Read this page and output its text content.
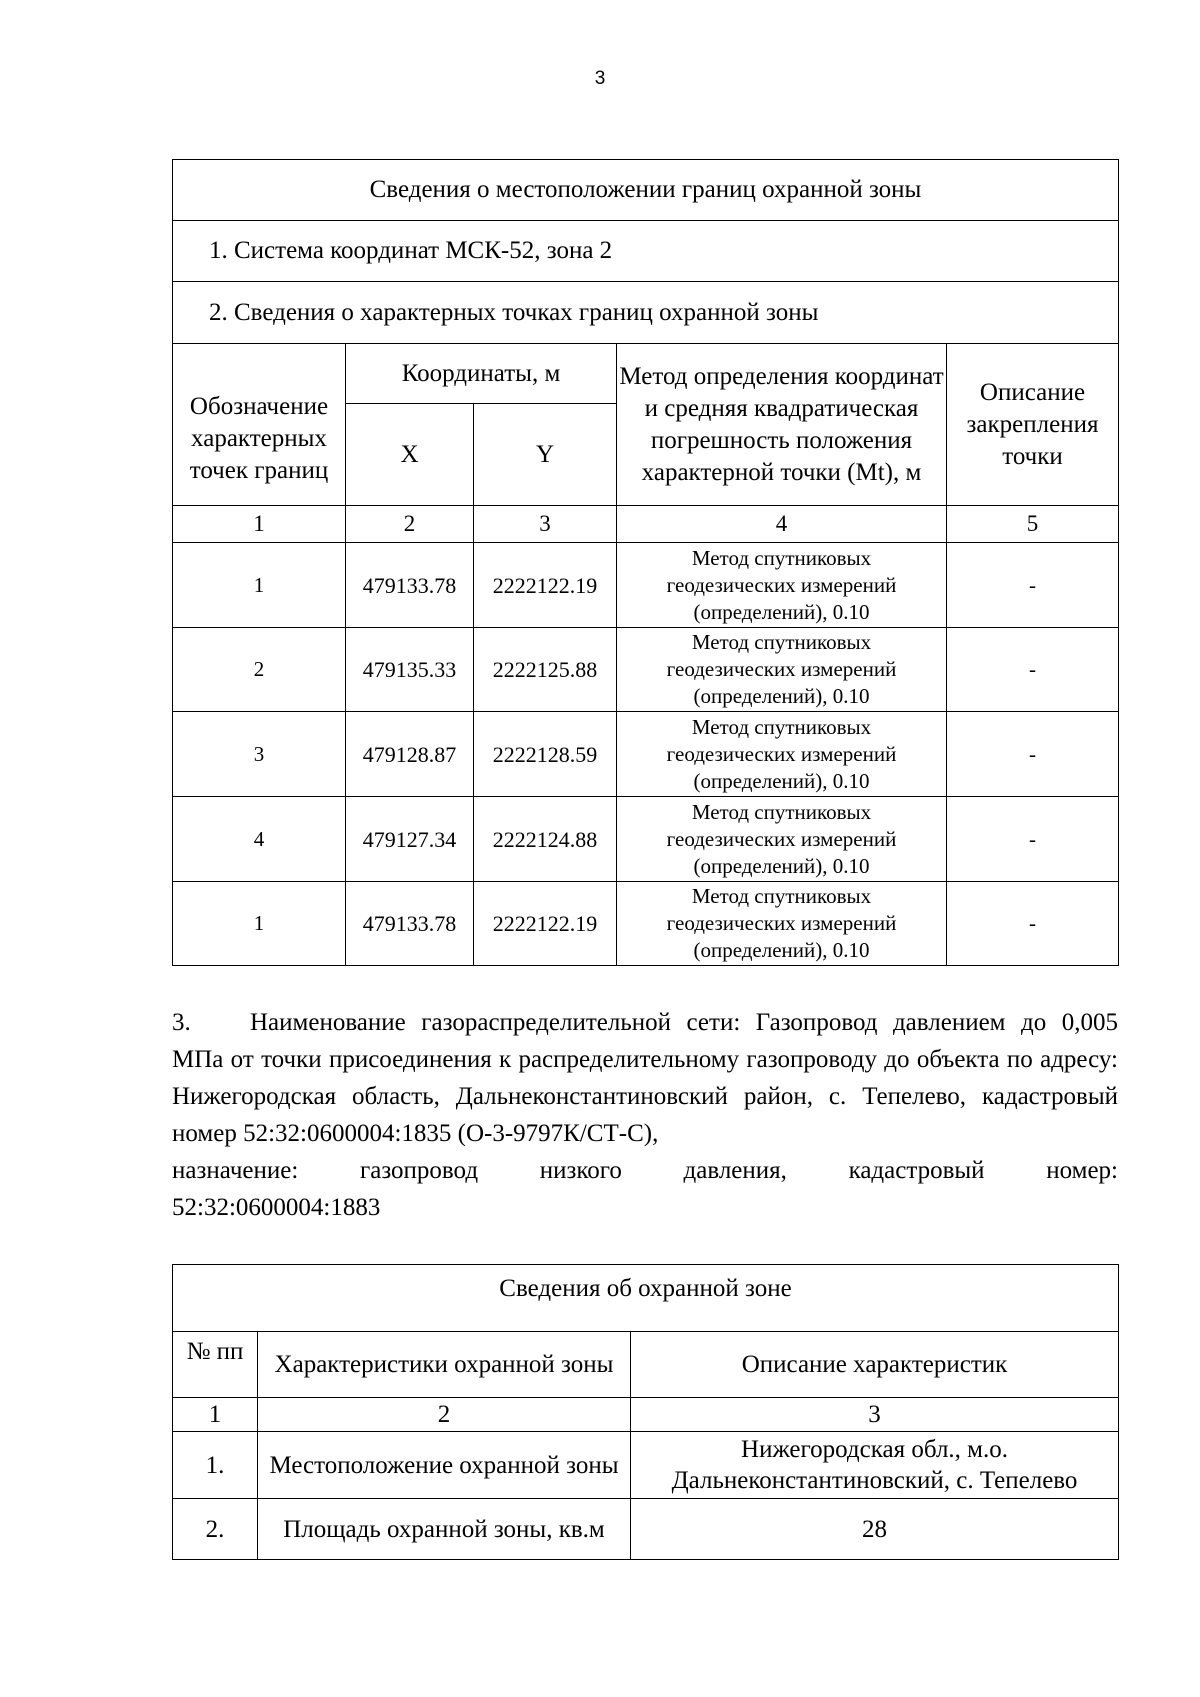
3
Сведения о местоположении границ охранной зоны				
1. Система координат МСК-52, зона 2				
2. Сведения о характерных точках границ охранной зоны				
Обозначение характерных точек границ	Координаты, м		Метод определения координат и средняя квадратическая погрешность положения характерной точки (Mt), м	Описание закрепления точки
	X	Y		
1	2	3	4	5
1	479133.78	2222122.19	Метод спутниковых геодезических измерений (определений), 0.10	-
2	479135.33	2222125.88	Метод спутниковых геодезических измерений (определений), 0.10	-
3	479128.87	2222128.59	Метод спутниковых геодезических измерений (определений), 0.10	-
4	479127.34	2222124.88	Метод спутниковых геодезических измерений (определений), 0.10	-
1	479133.78	2222122.19	Метод спутниковых геодезических измерений (определений), 0.10	-
3. Наименование газораспределительной сети: Газопровод давлением до 0,005 МПа от точки присоединения к распределительному газопроводу до объекта по адресу: Нижегородская область, Дальнеконстантиновский район, с. Тепелево, кадастровый номер 52:32:0600004:1835 (О-3-9797К/СТ-С),
назначение: газопровод низкого давления, кадастровый номер:
52:32:0600004:1883
Сведения об охранной зоне		
№ пп	Характеристики охранной зоны	Описание характеристик
1	2	3
1.	Местоположение охранной зоны	Нижегородская обл., м.о. Дальнеконстантиновский, с. Тепелево
2.	Площадь охранной зоны, кв.м	28
